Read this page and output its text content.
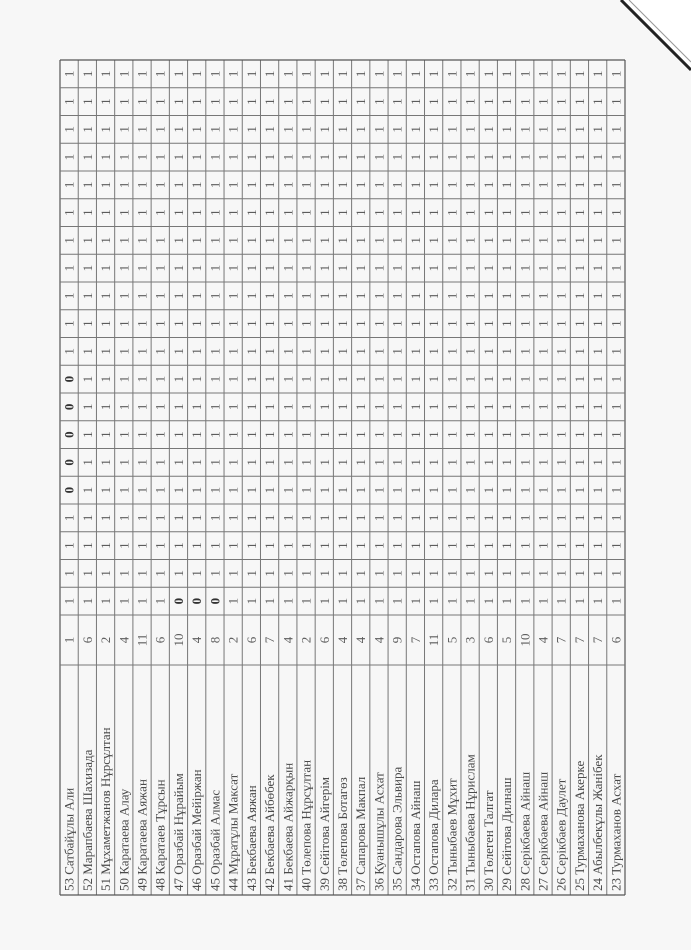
23 Турмаханов Асхат
6
1
1
1
1
1
1
1
1
1
1
1
1
1
1
1
1
1
1
1
1
24 Абылбекұлы Жанібек
7
1
1
1
1
1
1
1
1
1
1
1
1
1
1
1
1
1
1
1
1
25 Турмаханова Акерке
7
1
1
1
1
1
1
1
1
1
1
1
1
1
1
1
1
1
1
1
1
26 Серікбаев Даулет
7
1
1
1
1
1
1
1
1
1
1
1
1
1
1
1
1
1
1
1
1
27 Серікбаева Айнаш
4
1
1
1
1
1
1
1
1
1
1
1
1
1
1
1
1
1
1
1
1
28 Серікбаева Айнаш
10
1
1
1
1
1
1
1
1
1
1
1
1
1
1
1
1
1
1
1
1
29 Сейітова Дилнаш
5
1
1
1
1
1
1
1
1
1
1
1
1
1
1
1
1
1
1
1
1
30 Төлеген Талгат
6
1
1
1
1
1
1
1
1
1
1
1
1
1
1
1
1
1
1
1
1
31 Тыныбаева Нұрислам
3
1
1
1
1
1
1
1
1
1
1
1
1
1
1
1
1
1
1
1
1
32 Тыныбаев Мұхит
5
1
1
1
1
1
1
1
1
1
1
1
1
1
1
1
1
1
1
1
1
33 Остапова Дилара
11
1
1
1
1
1
1
1
1
1
1
1
1
1
1
1
1
1
1
1
1
34 Остапова Айнаш
7
1
1
1
1
1
1
1
1
1
1
1
1
1
1
1
1
1
1
1
1
35 Сандарова Эльвира
9
1
1
1
1
1
1
1
1
1
1
1
1
1
1
1
1
1
1
1
1
36 Куанышұлы Асхат
4
1
1
1
1
1
1
1
1
1
1
1
1
1
1
1
1
1
1
1
1
37 Сапарова Макпал
4
1
1
1
1
1
1
1
1
1
1
1
1
1
1
1
1
1
1
1
1
38 Төлепова Ботагөз
4
1
1
1
1
1
1
1
1
1
1
1
1
1
1
1
1
1
1
1
1
39 Сейітова Айгерім
6
1
1
1
1
1
1
1
1
1
1
1
1
1
1
1
1
1
1
1
1
40 Төлепова Нұрсұлтан
2
1
1
1
1
1
1
1
1
1
1
1
1
1
1
1
1
1
1
1
1
41 Бекбаева Айжарқын
4
1
1
1
1
1
1
1
1
1
1
1
1
1
1
1
1
1
1
1
1
42 Бекбаева Айбөбек
7
1
1
1
1
1
1
1
1
1
1
1
1
1
1
1
1
1
1
1
1
43 Бекбаева Аяжан
6
1
1
1
1
1
1
1
1
1
1
1
1
1
1
1
1
1
1
1
1
44 Мұратұлы Максат
2
1
1
1
1
1
1
1
1
1
1
1
1
1
1
1
1
1
1
1
1
45 Оразбай Алмас
8
0
1
1
1
1
1
1
1
1
1
1
1
1
1
1
1
1
1
1
1
46 Оразбай Мейіржан
4
0
1
1
1
1
1
1
1
1
1
1
1
1
1
1
1
1
1
1
1
47 Оразбай Нұрайым
10
0
1
1
1
1
1
1
1
1
1
1
1
1
1
1
1
1
1
1
1
48 Каратаев Тұрсын
6
1
1
1
1
1
1
1
1
1
1
1
1
1
1
1
1
1
1
1
1
49 Каратаева Аяжан
11
1
1
1
1
1
1
1
1
1
1
1
1
1
1
1
1
1
1
1
1
50 Каратаева Алау
4
1
1
1
1
1
1
1
1
1
1
1
1
1
1
1
1
1
1
1
1
51 Мұхаметжанов Нұрсұлтан
2
1
1
1
1
1
1
1
1
1
1
1
1
1
1
1
1
1
1
1
1
52 Марапбаева Шахизада
6
1
1
1
1
1
1
1
1
1
1
1
1
1
1
1
1
1
1
1
1
53 Сатбайұлы Али
1
1
1
1
1
0
0
0
0
0
1
1
1
1
1
1
1
1
1
1
1
